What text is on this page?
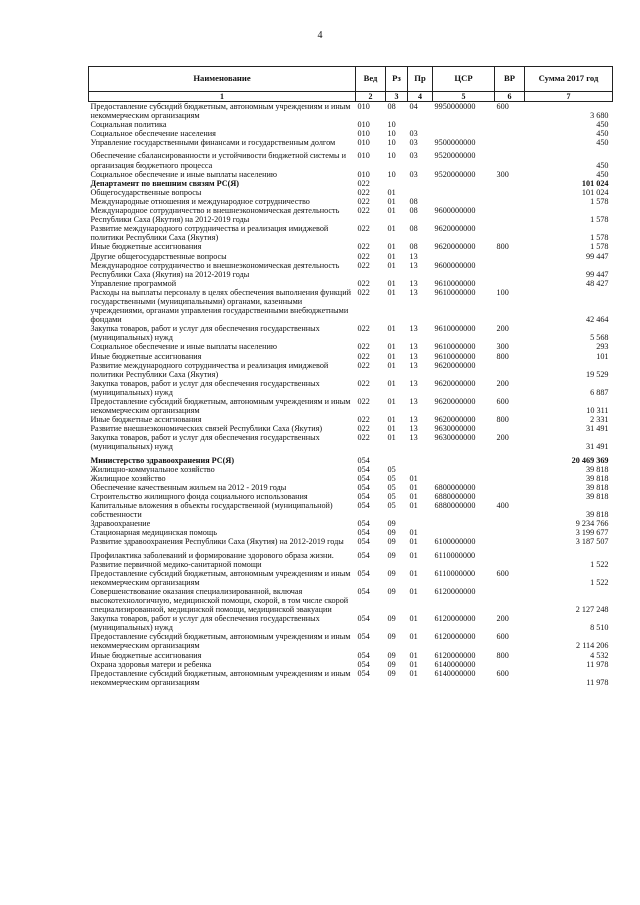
4
Наименование	Вед	Рз	Пр	ЦСР	ВР	Сумма 2017 год
1	2	3	4	5	6	7
Предоставление субсидий бюджетным, автономным учреждениям и иным некоммерческим организациям	010	08	04	9950000000	600	3 680
Социальная политика	010	10				450
Социальное обеспечение населения	010	10	03			450
Управление государственными финансами и государственным долгом	010	10	03	9500000000		450
Обеспечение сбалансированности и устойчивости бюджетной системы и организация бюджетного процесса	010	10	03	9520000000		450
Социальное обеспечение и иные выплаты населению	010	10	03	9520000000	300	450
Департамент по внешним связям РС(Я)	022					101 024
Общегосударственные вопросы	022	01				101 024
Международные отношения и международное сотрудничество	022	01	08			1 578
Международное сотрудничество и внешнеэкономическая деятельность Республики Саха (Якутия) на 2012-2019 годы	022	01	08	9600000000		1 578
Развитие международного сотрудничества и реализация имиджевой политики Республики Саха (Якутия)	022	01	08	9620000000		1 578
Иные бюджетные ассигнования	022	01	08	9620000000	800	1 578
Другие общегосударственные вопросы	022	01	13			99 447
Международное сотрудничество и внешнеэкономическая деятельность Республики Саха (Якутия) на 2012-2019 годы	022	01	13	9600000000		99 447
Управление программой	022	01	13	9610000000		48 427
Расходы на выплаты персоналу в целях обеспечения выполнения функций государственными (муниципальными) органами, казенными учреждениями, органами управления государственными внебюджетными фондами	022	01	13	9610000000	100	42 464
Закупка товаров, работ и услуг для обеспечения государственных (муниципальных) нужд	022	01	13	9610000000	200	5 568
Социальное обеспечение и иные выплаты населению	022	01	13	9610000000	300	293
Иные бюджетные ассигнования	022	01	13	9610000000	800	101
Развитие международного сотрудничества и реализация имиджевой политики Республики Саха (Якутия)	022	01	13	9620000000		19 529
Закупка товаров, работ и услуг для обеспечения государственных (муниципальных) нужд	022	01	13	9620000000	200	6 887
Предоставление субсидий бюджетным, автономным учреждениям и иным некоммерческим организациям	022	01	13	9620000000	600	10 311
Иные бюджетные ассигнования	022	01	13	9620000000	800	2 331
Развитие внешнеэкономических связей Республики Саха (Якутия)	022	01	13	9630000000		31 491
Закупка товаров, работ и услуг для обеспечения государственных (муниципальных) нужд	022	01	13	9630000000	200	31 491
Министерство здравоохранения РС(Я)	054					20 469 369
Жилищно-коммунальное хозяйство	054	05				39 818
Жилищное хозяйство	054	05	01			39 818
Обеспечение качественным жильем на 2012 - 2019 годы	054	05	01	6800000000		39 818
Строительство жилищного фонда социального использования	054	05	01	6880000000		39 818
Капитальные вложения в объекты государственной (муниципальной) собственности	054	05	01	6880000000	400	39 818
Здравоохранение	054	09				9 234 766
Стационарная медицинская помощь	054	09	01			3 199 677
Развитие здравоохранения Республики Саха (Якутия) на 2012-2019 годы	054	09	01	6100000000		3 187 507
Профилактика заболеваний и формирование здорового образа жизни. Развитие первичной медико-санитарной помощи	054	09	01	6110000000		1 522
Предоставление субсидий бюджетным, автономным учреждениям и иным некоммерческим организациям	054	09	01	6110000000	600	1 522
Совершенствование оказания специализированной, включая высокотехнологичную, медицинской помощи, скорой, в том числе скорой специализированной, медицинской помощи, медицинской эвакуации	054	09	01	6120000000		2 127 248
Закупка товаров, работ и услуг для обеспечения государственных (муниципальных) нужд	054	09	01	6120000000	200	8 510
Предоставление субсидий бюджетным, автономным учреждениям и иным некоммерческим организациям	054	09	01	6120000000	600	2 114 206
Иные бюджетные ассигнования	054	09	01	6120000000	800	4 532
Охрана здоровья матери и ребенка	054	09	01	6140000000		11 978
Предоставление субсидий бюджетным, автономным учреждениям и иным некоммерческим организациям	054	09	01	6140000000	600	11 978
